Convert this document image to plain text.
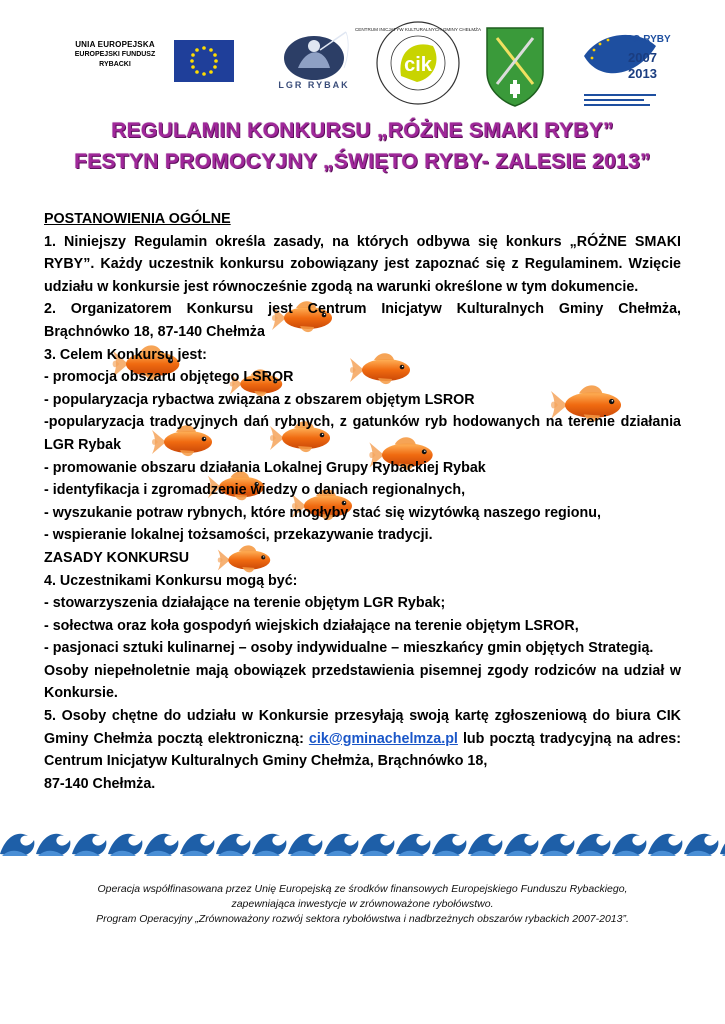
UNIA EUROPEJSKA
EUROPEJSKI FUNDUSZ
RYBACKI
LGR RYBAK
cik
CENTRUM INICJATYW KULTURALNYCH GMINY CHEŁMŻA
PO RYBY
2007
2013
REGULAMIN KONKURSU „RÓŻNE SMAKI RYBY”
FESTYN PROMOCYJNY „ŚWIĘTO RYBY- ZALESIE 2013”

POSTANOWIENIA OGÓLNE

1. Niniejszy Regulamin określa zasady, na których odbywa się konkurs „RÓŻNE SMAKI RYBY”. Każdy uczestnik konkursu zobowiązany jest zapoznać się z Regulaminem. Wzięcie udziału w konkursie jest równocześnie zgodą na warunki określone w tym dokumencie.

2. Organizatorem Konkursu jest Centrum Inicjatyw Kulturalnych Gminy Chełmża, Brąchnówko 18, 87-140 Chełmża

3. Celem Konkursu jest:

- promocja obszaru objętego LSROR

- popularyzacja rybactwa związana z obszarem objętym LSROR

-popularyzacja tradycyjnych dań rybnych, z gatunków ryb hodowanych na terenie działania LGR Rybak

- promowanie obszaru działania Lokalnej Grupy Rybackiej Rybak

- identyfikacja i zgromadzenie wiedzy o daniach regionalnych,

- wyszukanie potraw rybnych, które mogłyby stać się wizytówką naszego regionu,

- wspieranie lokalnej tożsamości, przekazywanie tradycji.

ZASADY KONKURSU

4. Uczestnikami Konkursu mogą być:

- stowarzyszenia działające na terenie objętym LGR Rybak;

- sołectwa oraz koła gospodyń wiejskich działające na terenie objętym LSROR,

- pasjonaci sztuki kulinarnej – osoby indywidualne – mieszkańcy gmin objętych Strategią.

Osoby niepełnoletnie mają obowiązek przedstawienia pisemnej zgody rodziców na udział w Konkursie.

5. Osoby chętne do udziału w Konkursie przesyłają swoją kartę zgłoszeniową do biura CIK Gminy Chełmża pocztą elektroniczną: cik@gminachelmza.pl lub pocztą tradycyjną na adres: Centrum Inicjatyw Kulturalnych Gminy Chełmża, Brąchnówko 18,

87-140 Chełmża.

Operacja współfinasowana przez Unię Europejską ze środków finansowych Europejskiego Funduszu Rybackiego,

zapewniająca inwestycje w zrównoważone rybołówstwo.

Program Operacyjny „Zrównoważony rozwój sektora rybołówstwa i nadbrzeżnych obszarów rybackich 2007-2013”.
